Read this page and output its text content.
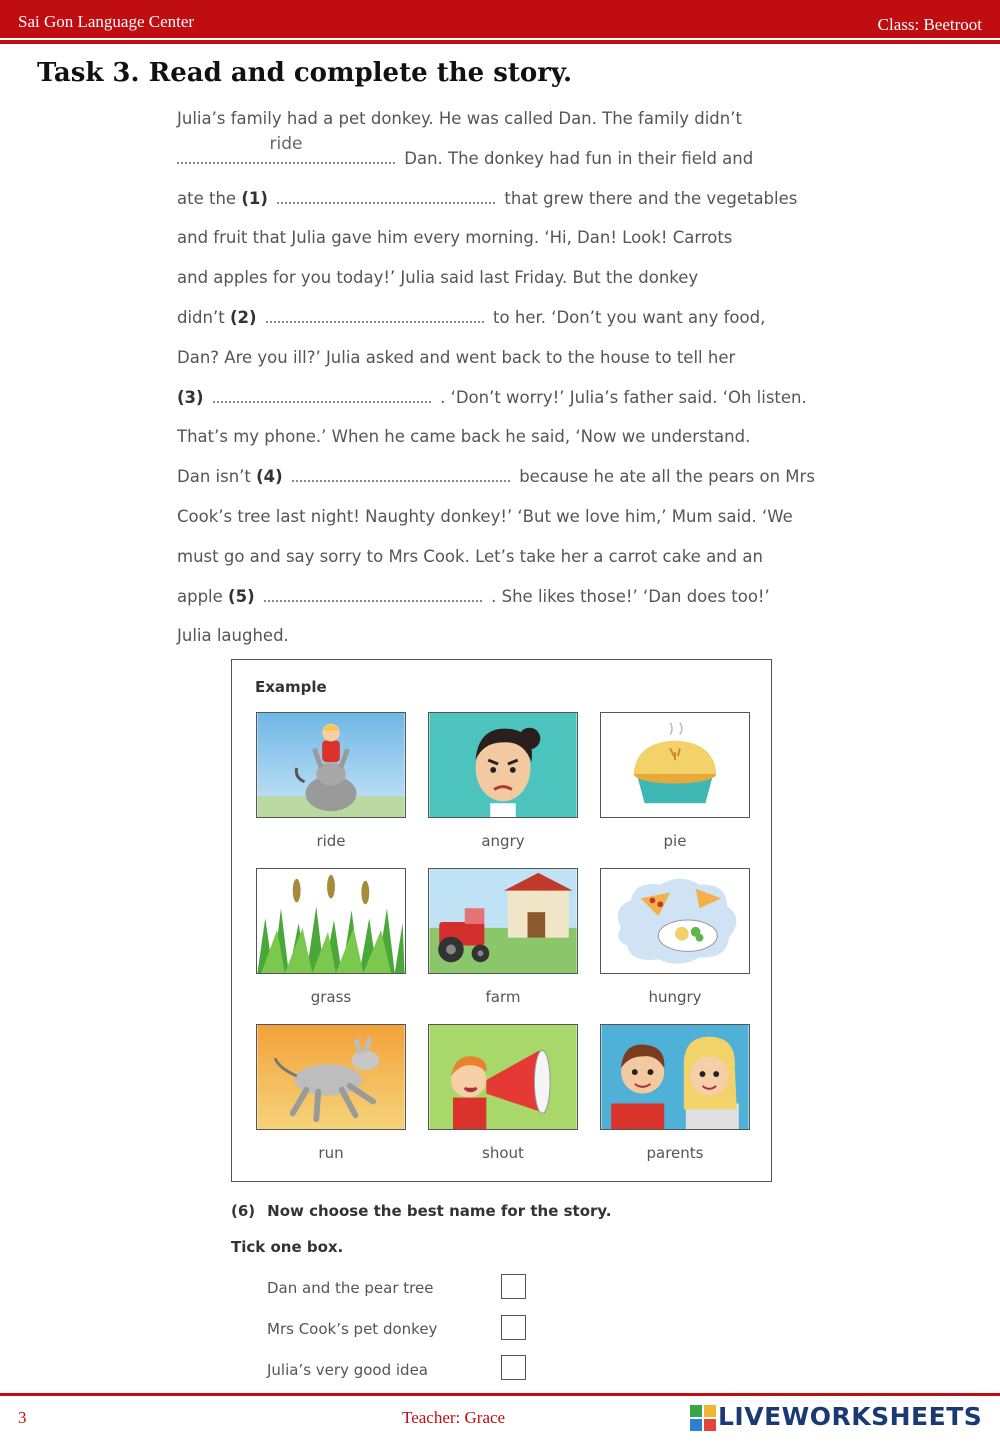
Sai Gon Language Center	Class: Beetroot
Task 3. Read and complete the story.
Julia’s family had a pet donkey. He was called Dan. The family didn’t
ride
Dan. The donkey had fun in their field and
ate the (1)	that grew there and the vegetables
and fruit that Julia gave him every morning. ‘Hi, Dan! Look! Carrots
and apples for you today!’ Julia said last Friday. But the donkey
didn’t (2)	to her. ‘Don’t you want any food,
Dan? Are you ill?’ Julia asked and went back to the house to tell her
(3)	. ‘Don’t worry!’ Julia’s father said. ‘Oh listen.
That’s my phone.’ When he came back he said, ‘Now we understand.
Dan isn’t (4)	because he ate all the pears on Mrs
Cook’s tree last night! Naughty donkey!’ ‘But we love him,’ Mum said. ‘We
must go and say sorry to Mrs Cook. Let’s take her a carrot cake and an
apple (5)	. She likes those!’ ‘Dan does too!’
Julia laughed.
Example
ride	angry	pie
grass	farm	hungry
run	shout	parents
(6) Now choose the best name for the story.
Tick one box.
Dan and the pear tree
Mrs Cook’s pet donkey
Julia’s very good idea
3	Teacher: Grace	LIVEWORKSHEETS
